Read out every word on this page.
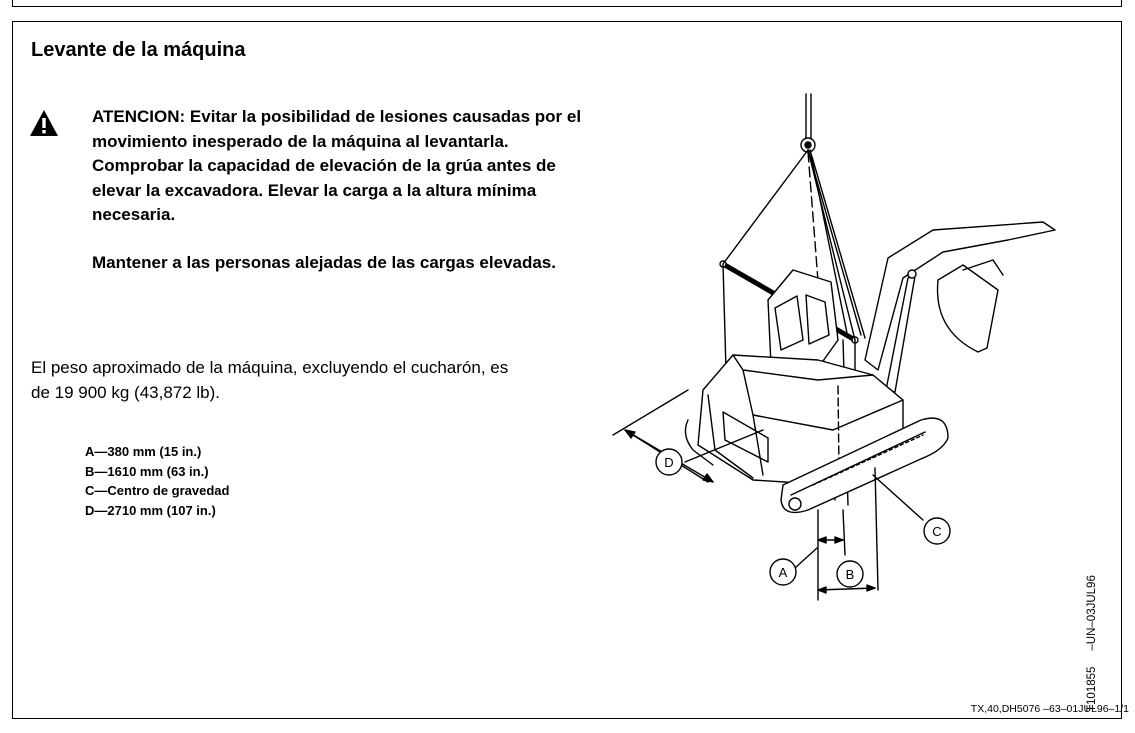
Levante de la máquina

ATENCION: Evitar la posibilidad de lesiones causadas por el movimiento inesperado de la máquina al levantarla. Comprobar la capacidad de elevación de la grúa antes de elevar la excavadora. Elevar la carga a la altura mínima necesaria.

Mantener a las personas alejadas de las cargas elevadas.

El peso aproximado de la máquina, excluyendo el cucharón, es de 19 900 kg (43,872 lb).

A—380 mm (15 in.)
B—1610 mm (63 in.)
C—Centro de gravedad
D—2710 mm (107 in.)
D
A	B
C
T101855–UN–03JUL96
TX,40,DH5076 –63–01JUL96–1/1
